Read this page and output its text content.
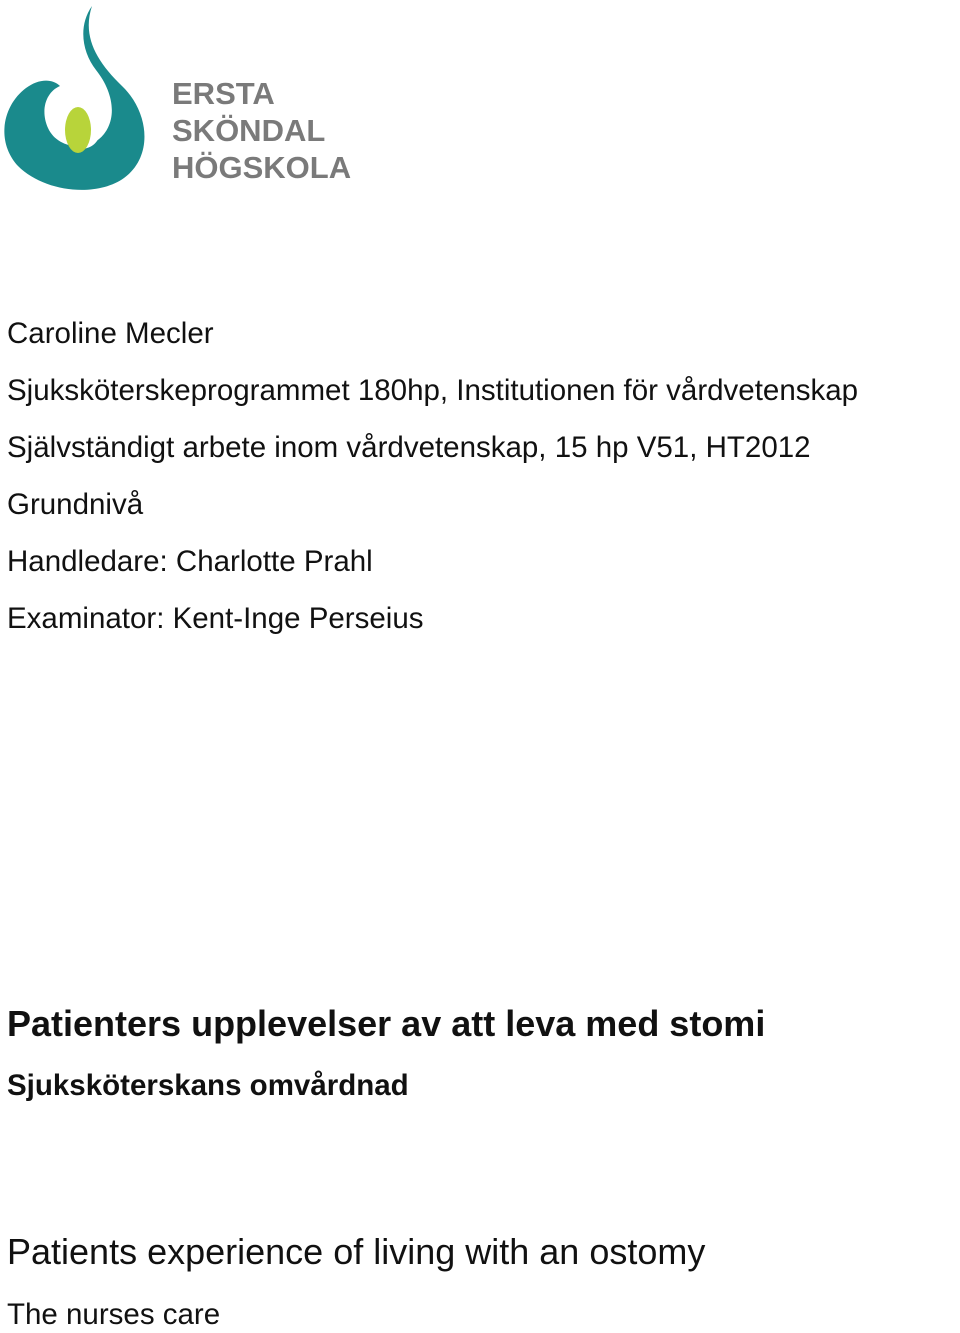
ERSTA
SKÖNDAL
HÖGSKOLA
Caroline Mecler
Sjuksköterskeprogrammet 180hp, Institutionen för vårdvetenskap
Självständigt arbete inom vårdvetenskap, 15 hp V51, HT2012
Grundnivå
Handledare: Charlotte Prahl
Examinator: Kent-Inge Perseius
Patienters upplevelser av att leva med stomi
Sjuksköterskans omvårdnad
Patients experience of living with an ostomy
The nurses care
